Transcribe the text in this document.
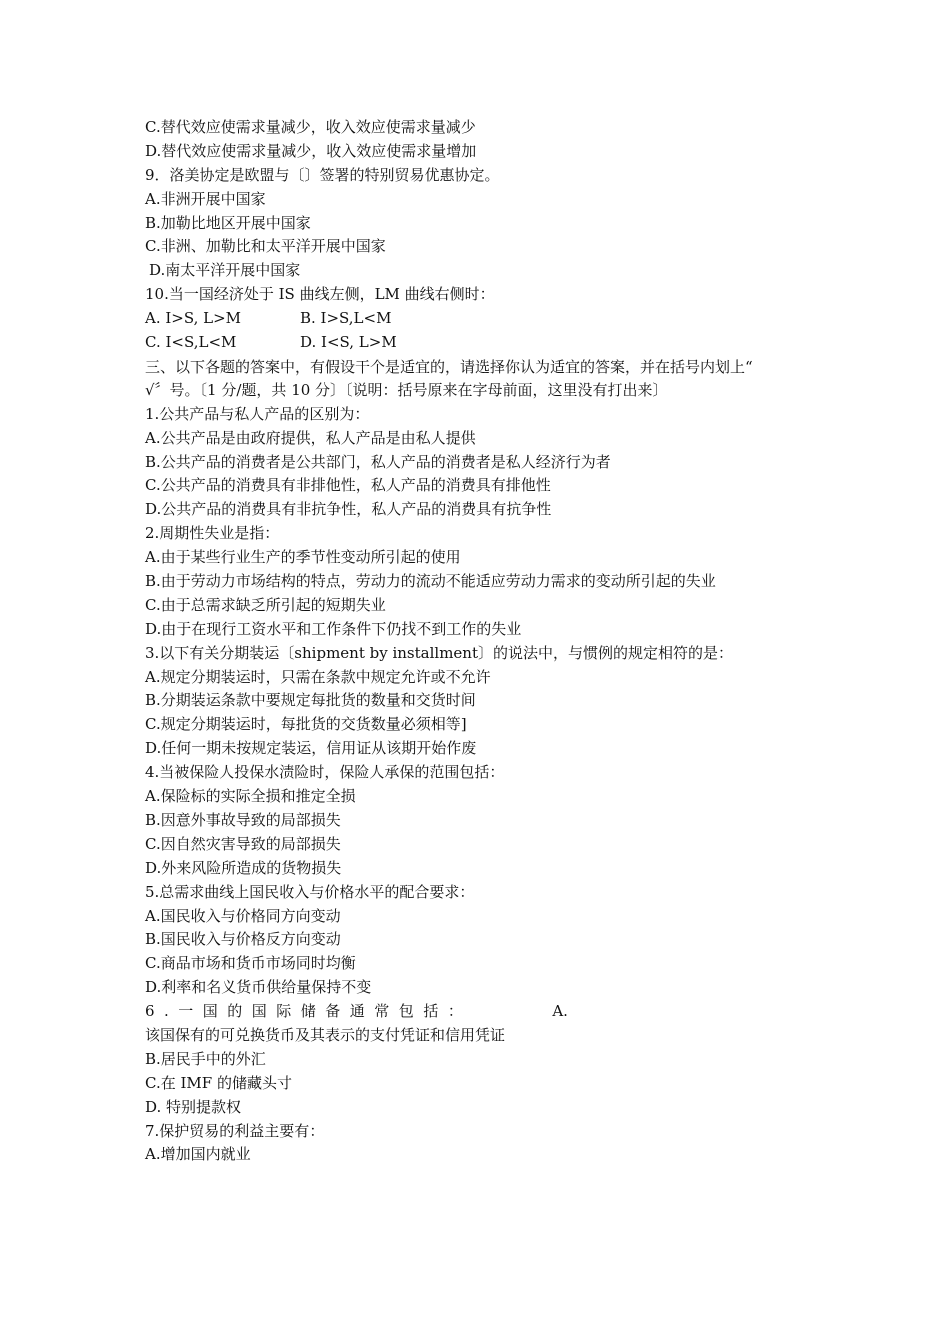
C.替代效应使需求量减少，收入效应使需求量减少
D.替代效应使需求量减少，收入效应使需求量增加
9．洛美协定是欧盟与〔〕签署的特别贸易优惠协定。
A.非洲开展中国家
B.加勒比地区开展中国家
C.非洲、加勒比和太平洋开展中国家
D.南太平洋开展中国家
10.当一国经济处于 IS 曲线左侧，LM 曲线右侧时：
A. I>S, L>M	B. I>S,L<M
C. I<S,L<M	D. I<S, L>M
三、以下各题的答案中，有假设干个是适宜的，请选择你认为适宜的答案，并在括号内划上“
√〞号。〔1 分/题，共 10 分〕〔说明：括号原来在字母前面，这里没有打出来〕
1.公共产品与私人产品的区别为：
A.公共产品是由政府提供，私人产品是由私人提供
B.公共产品的消费者是公共部门，私人产品的消费者是私人经济行为者
C.公共产品的消费具有非排他性，私人产品的消费具有排他性
D.公共产品的消费具有非抗争性，私人产品的消费具有抗争性
2.周期性失业是指：
A.由于某些行业生产的季节性变动所引起的使用
B.由于劳动力市场结构的特点，劳动力的流动不能适应劳动力需求的变动所引起的失业
C.由于总需求缺乏所引起的短期失业
D.由于在现行工资水平和工作条件下仍找不到工作的失业
3.以下有关分期装运〔shipment by installment〕的说法中，与惯例的规定相符的是：
A.规定分期装运时，只需在条款中规定允许或不允许
B.分期装运条款中要规定每批货的数量和交货时间
C.规定分期装运时，每批货的交货数量必须相等]
D.任何一期未按规定装运，信用证从该期开始作废
4.当被保险人投保水渍险时，保险人承保的范围包括：
A.保险标的实际全损和推定全损
B.因意外事故导致的局部损失
C.因自然灾害导致的局部损失
D.外来风险所造成的货物损失
5.总需求曲线上国民收入与价格水平的配合要求：
A.国民收入与价格同方向变动
B.国民收入与价格反方向变动
C.商品市场和货币市场同时均衡
D.利率和名义货币供给量保持不变
6.一国的国际储备通常包括：	A.
该国保有的可兑换货币及其表示的支付凭证和信用凭证
B.居民手中的外汇
C.在 IMF 的储藏头寸
D. 特别提款权
7.保护贸易的利益主要有：
A.增加国内就业
